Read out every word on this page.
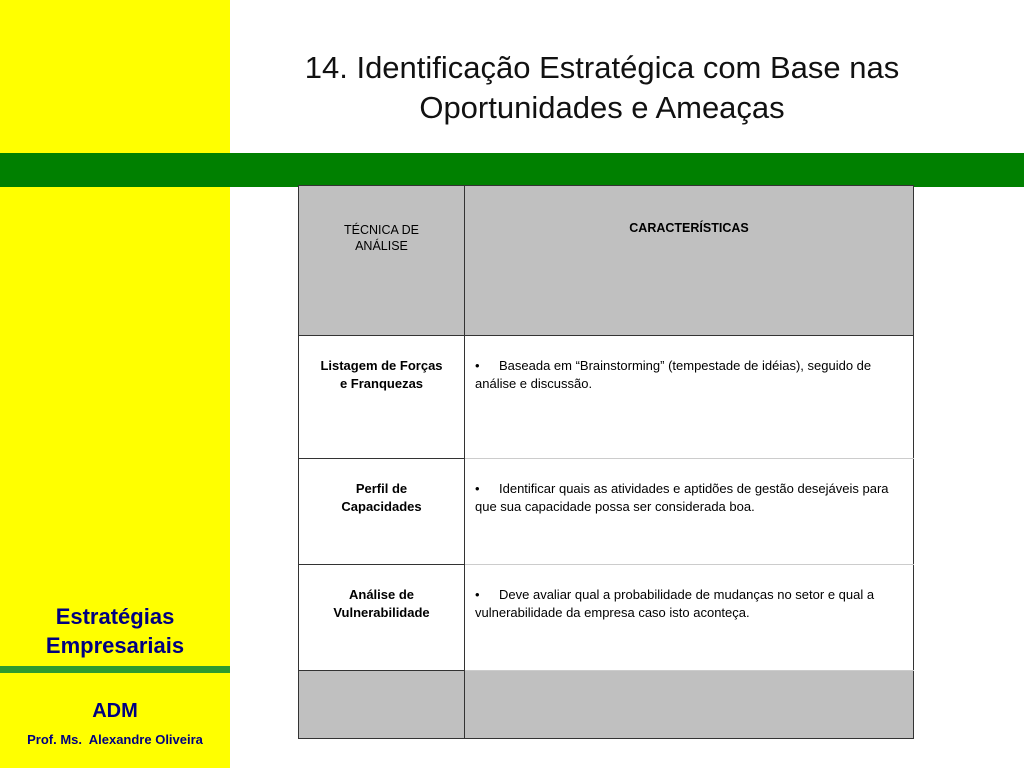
14. Identificação Estratégica com Base nas
Oportunidades e Ameaças
Estratégias
Empresariais
ADM
Prof. Ms.  Alexandre Oliveira
TÉCNICA DE
ANÁLISE	CARACTERÍSTICAS

Listagem de Forças
e Franquezas	• Baseada em “Brainstorming” (tempestade de idéias), seguido de análise e discussão.

Perfil de
Capacidades	• Identificar quais as atividades e aptidões de gestão desejáveis para que sua capacidade possa ser considerada boa.

Análise de
Vulnerabilidade	• Deve avaliar qual a probabilidade de mudanças no setor e qual a vulnerabilidade da empresa caso isto aconteça.
